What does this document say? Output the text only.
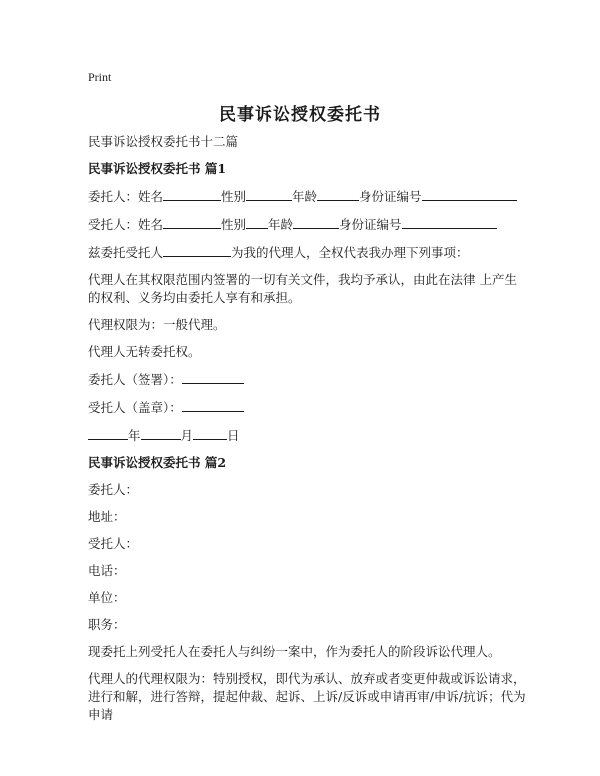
Print
民事诉讼授权委托书
民事诉讼授权委托书十二篇
民事诉讼授权委托书 篇1
委托人：姓名	性别	年龄	身份证编号
受托人：姓名	性别 年龄	身份证编号
兹委托受托人	为我的代理人，全权代表我办理下列事项：
代理人在其权限范围内签署的一切有关文件，我均予承认，由此在法律 上产生的权利、义务均由委托人享有和承担。
代理权限为：一般代理。
代理人无转委托权。
委托人（签署）：
受托人（盖章）：
年	月	日
民事诉讼授权委托书 篇2
委托人：
地址：
受托人：
电话：
单位：
职务：
现委托上列受托人在委托人与纠纷一案中，作为委托人的阶段诉讼代理人。
代理人的代理权限为：特别授权，即代为承认、放弃或者变更仲裁或诉讼请求，进行和解，进行答辩，提起仲裁、起诉、上诉/反诉或申请再审/申诉/抗诉；代为申请
